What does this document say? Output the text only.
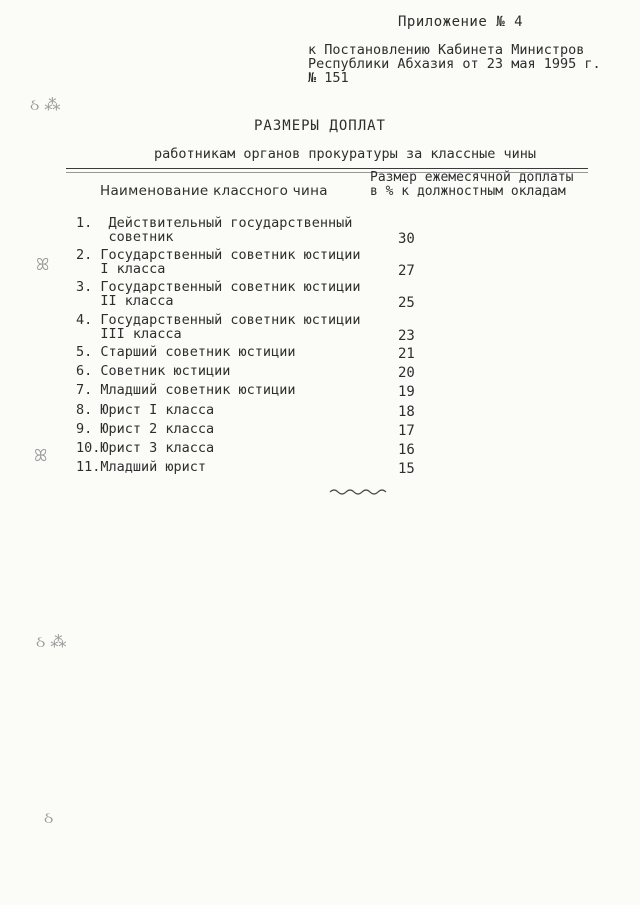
Приложение № 4
к Постановлению Кабинета Министров
Республики Абхазия от 23 мая 1995 г.
№ 151
РАЗМЕРЫ ДОПЛАТ
работникам органов прокуратуры за классные чины
Наименование классного чина
Размер ежемесячной доплаты
в % к должностным окладам
1.  Действительный государственный
советник	30
2. Государственный советник юстиции
I класса	27
3. Государственный советник юстиции
II класса	25
4. Государственный советник юстиции
III класса	23
5. Старший советник юстиции	21
6. Советник юстиции	20
7. Младший советник юстиции	19
8. Юрист I класса	18
9. Юрист 2 класса	17
10.Юрист 3 класса	16
11.Младший юрист	15
ઠ ⁂
ꕤ
ꕤ
ઠ ⁂
ઠ
